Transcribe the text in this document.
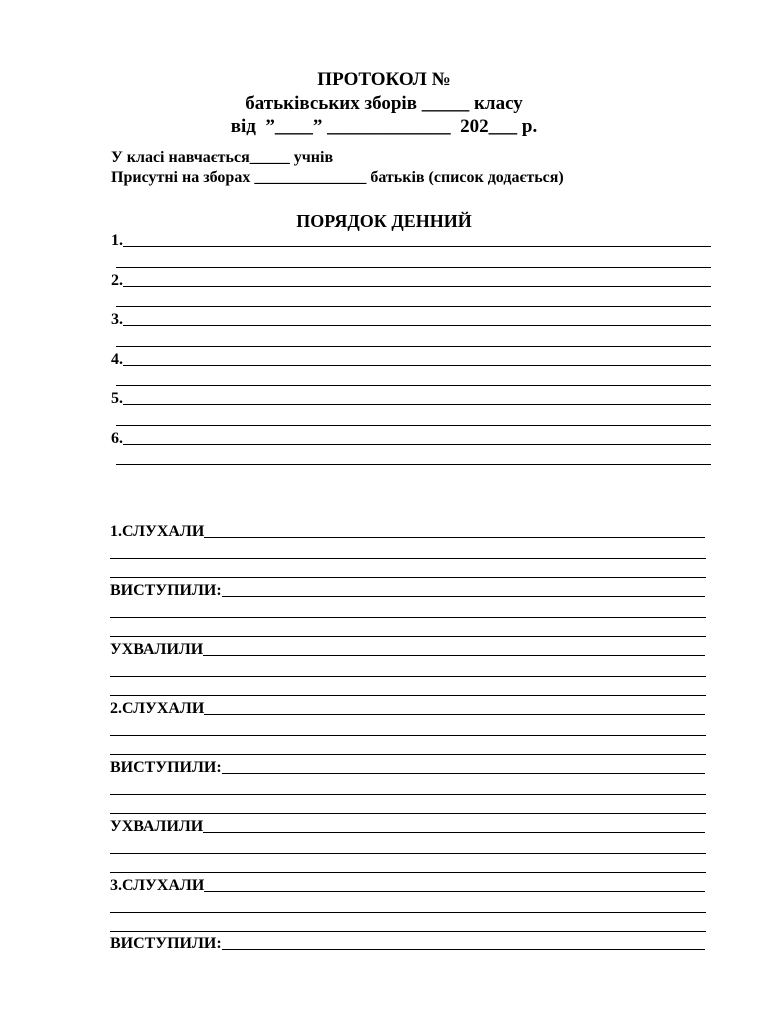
ПРОТОКОЛ №
батьківських зборів _____ класу
від  ”____” _____________  202___ р.
У класі навчається_____ учнів
Присутні на зборах ______________ батьків (список додається)
ПОРЯДОК ДЕННИЙ
1.
2.
3.
4.
5.
6.
1.СЛУХАЛИ
ВИСТУПИЛИ:
УХВАЛИЛИ
2.СЛУХАЛИ
ВИСТУПИЛИ:
УХВАЛИЛИ
3.СЛУХАЛИ
ВИСТУПИЛИ:
